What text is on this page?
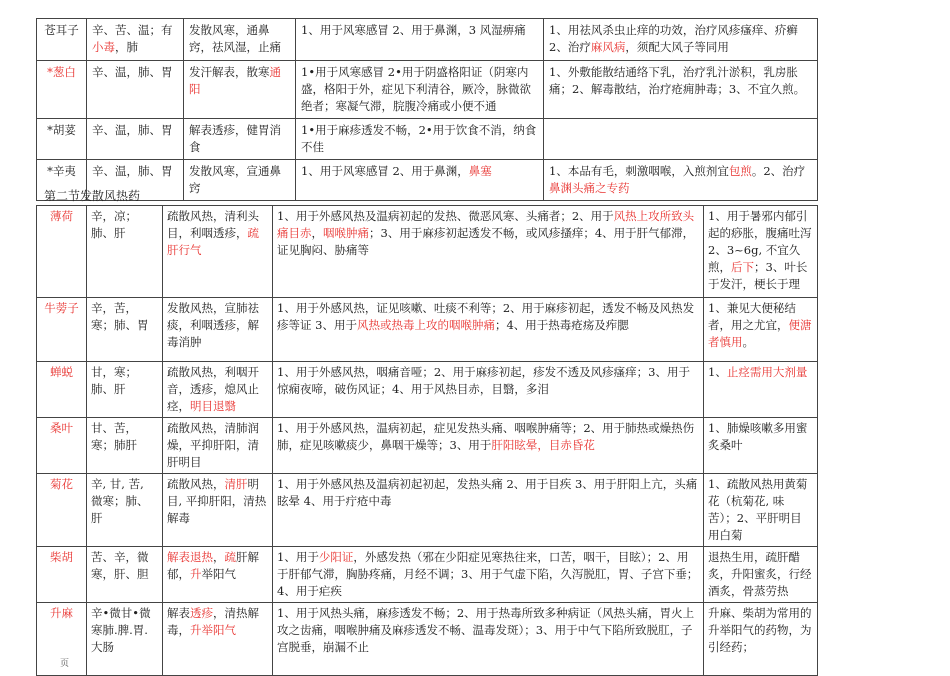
苍耳子	辛、苦、温；有小毒，肺	发散风寒，通鼻窍，祛风湿，止痛	1、用于风寒感冒 2、用于鼻渊，3 风湿痹痛	1、用祛风杀虫止痒的功效，治疗风疹瘙痒、疥癣 2、治疗麻风病，须配大风子等同用
*葱白	辛、温，肺、胃	发汗解表，散寒通阳	1•用于风寒感冒 2•用于阴盛格阳证（阴寒内盛，格阳于外，症见下利清谷，厥冷，脉微欲绝者；寒凝气滞，脘腹冷痛或小便不通	1、外敷能散结通络下乳，治疗乳汁淤积，乳房胀痛；2、解毒散结，治疗疮痈肿毒；3、不宜久煎。
*胡荽	辛、温，肺、胃	解表透疹，健胃消食	1•用于麻疹透发不畅，2•用于饮食不消，纳食不佳	
*辛夷	辛、温，肺、胃	发散风寒，宣通鼻窍	1、用于风寒感冒 2、用于鼻渊，鼻塞	1、本品有毛，刺激咽喉，入煎剂宜包煎。2、治疗鼻渊头痛之专药
第二节发散风热药
薄荷	辛，凉；肺、肝	疏散风热，清利头目，利咽透疹，疏肝行气	1、用于外感风热及温病初起的发热、微恶风寒、头痛者；2、用于风热上攻所致头痛目赤，咽喉肿痛；3、用于麻疹初起透发不畅，或风疹搔痒；4、用于肝气郁滞，证见胸闷、胁痛等	1、用于暑邪内郁引起的痧胀，腹痛吐泻 2、3~6g, 不宜久煎，后下；3、叶长于发汗，梗长于理
牛蒡子	辛，苦，寒；肺、胃	发散风热，宣肺祛痰，利咽透疹，解毒消肿	1、用于外感风热，证见咳嗽、吐痰不利等；2、用于麻疹初起，透发不畅及风热发疹等证 3、用于风热或热毒上攻的咽喉肿痛；4、用于热毒疮疡及痄腮	1、兼见大便秘结者，用之尤宜，便溏者慎用。
蝉蜕	甘，寒；肺、肝	疏散风热，利咽开音，透疹，熄风止痉，明目退翳	1、用于外感风热，咽痛音哑；2、用于麻疹初起，疹发不透及风疹瘙痒；3、用于惊痫夜啼，破伤风证；4、用于风热目赤，目翳，多泪	1、止痉需用大剂量
桑叶	甘、苦，寒；肺肝	疏散风热，清肺润燥，平抑肝阳，清肝明目	1、用于外感风热，温病初起，症见发热头痛、咽喉肿痛等；2、用于肺热或燥热伤肺，症见咳嗽痰少，鼻咽干燥等；3、用于肝阳眩晕，目赤昏花	1、肺燥咳嗽多用蜜炙桑叶
菊花	辛, 甘, 苦, 微寒；肺、肝	疏散风热，清肝明目, 平抑肝阳，清热解毒	1、用于外感风热及温病初起初起，发热头痛 2、用于目疾 3、用于肝阳上亢，头痛眩晕 4、用于疔疮中毒	1、疏散风热用黄菊花（杭菊花, 味苦）；2、平肝明目用白菊
柴胡	苦、辛，微寒，肝、胆	解表退热，疏肝解郁，升举阳气	1、用于少阳证，外感发热（邪在少阳症见寒热往来，口苦，咽干，目眩）；2、用于肝郁气滞，胸胁疼痛，月经不调；3、用于气虚下陷，久泻脱肛，胃、子宫下垂；4、用于疟疾	退热生用，疏肝醋炙，升阳蜜炙，行经酒炙，骨蒸劳热
升麻	辛•微甘•微寒肺.脾.胃.大肠	解表透疹，清热解毒，升举阳气	1、用于风热头痛，麻疹透发不畅；2、用于热毒所致多种病证（风热头痛，胃火上攻之齿痛，咽喉肿痛及麻疹透发不畅、温毒发斑）；3、用于中气下陷所致脱肛，子宫脱垂，崩漏不止	升麻、柴胡为常用的升举阳气的药物，为引经药；
页
